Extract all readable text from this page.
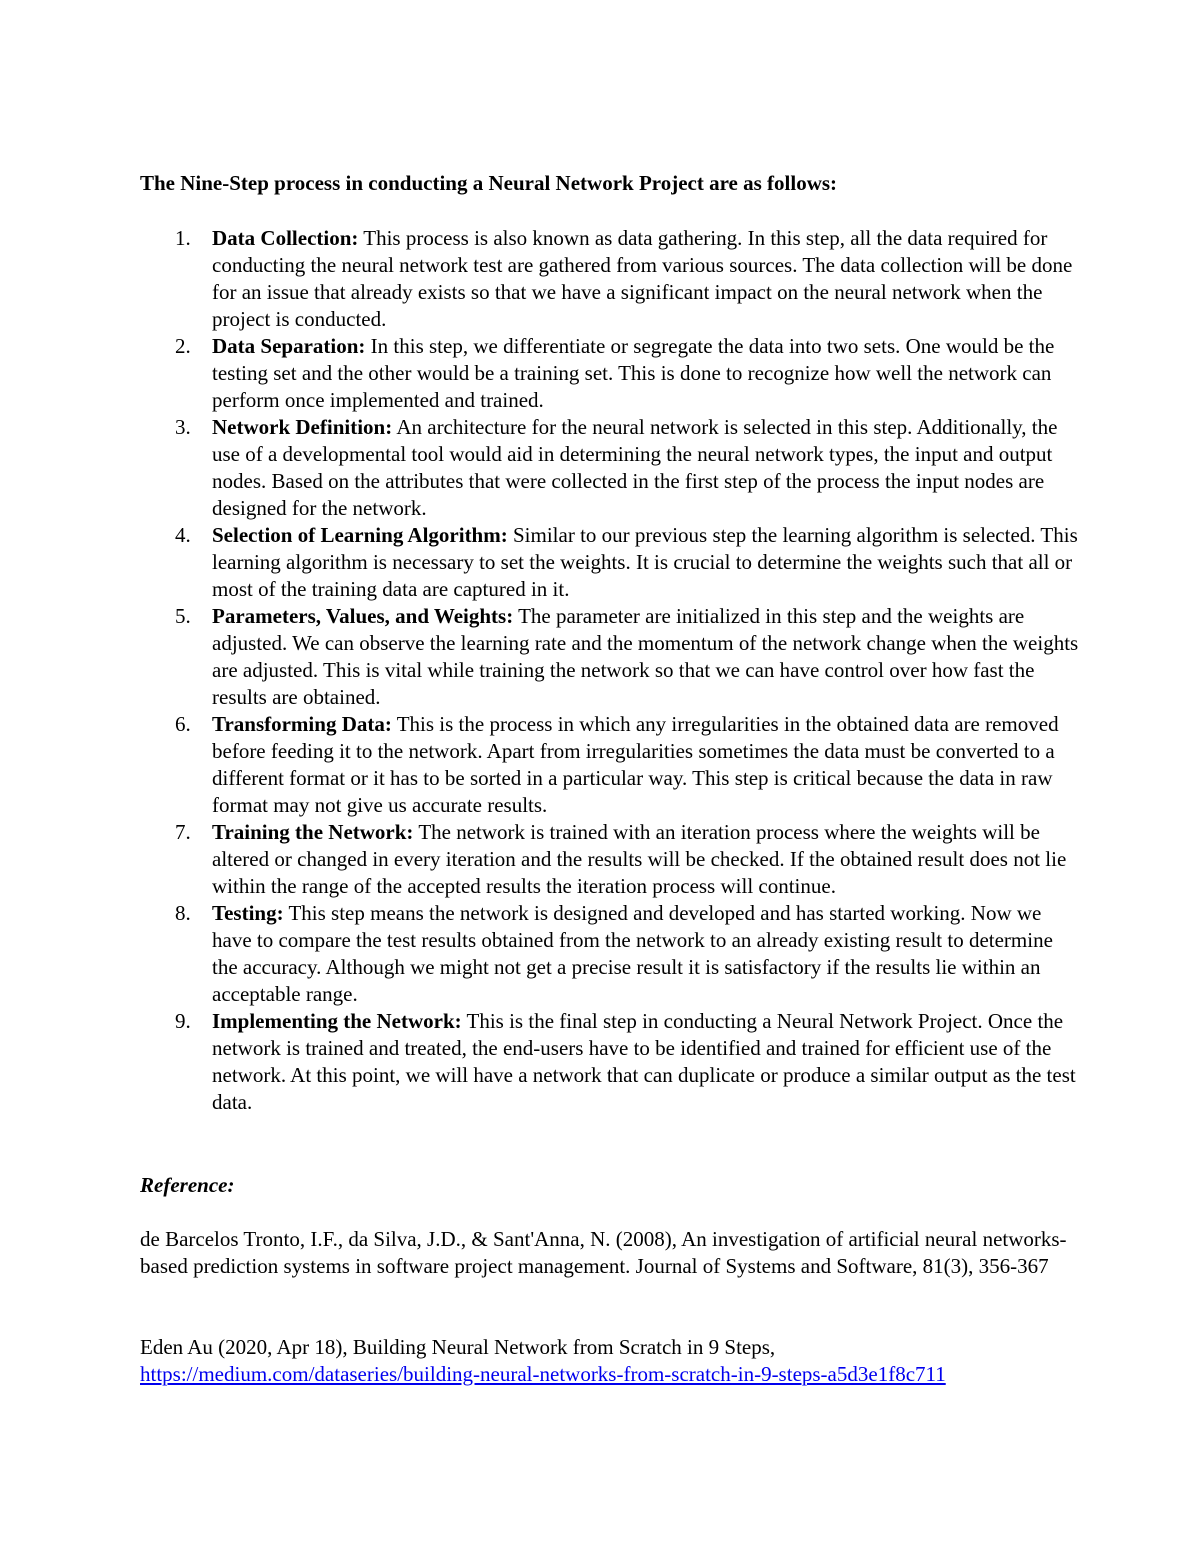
The Nine-Step process in conducting a Neural Network Project are as follows:
1. Data Collection: This process is also known as data gathering. In this step, all the data required for conducting the neural network test are gathered from various sources. The data collection will be done for an issue that already exists so that we have a significant impact on the neural network when the project is conducted.
2. Data Separation: In this step, we differentiate or segregate the data into two sets. One would be the testing set and the other would be a training set. This is done to recognize how well the network can perform once implemented and trained.
3. Network Definition: An architecture for the neural network is selected in this step. Additionally, the use of a developmental tool would aid in determining the neural network types, the input and output nodes. Based on the attributes that were collected in the first step of the process the input nodes are designed for the network.
4. Selection of Learning Algorithm: Similar to our previous step the learning algorithm is selected. This learning algorithm is necessary to set the weights. It is crucial to determine the weights such that all or most of the training data are captured in it.
5. Parameters, Values, and Weights: The parameter are initialized in this step and the weights are adjusted. We can observe the learning rate and the momentum of the network change when the weights are adjusted. This is vital while training the network so that we can have control over how fast the results are obtained.
6. Transforming Data: This is the process in which any irregularities in the obtained data are removed before feeding it to the network. Apart from irregularities sometimes the data must be converted to a different format or it has to be sorted in a particular way. This step is critical because the data in raw format may not give us accurate results.
7. Training the Network: The network is trained with an iteration process where the weights will be altered or changed in every iteration and the results will be checked. If the obtained result does not lie within the range of the accepted results the iteration process will continue.
8. Testing: This step means the network is designed and developed and has started working. Now we have to compare the test results obtained from the network to an already existing result to determine the accuracy. Although we might not get a precise result it is satisfactory if the results lie within an acceptable range.
9. Implementing the Network: This is the final step in conducting a Neural Network Project. Once the network is trained and treated, the end-users have to be identified and trained for efficient use of the network. At this point, we will have a network that can duplicate or produce a similar output as the test data.
Reference:

de Barcelos Tronto, I.F., da Silva, J.D., & Sant'Anna, N. (2008), An investigation of artificial neural networks-based prediction systems in software project management. Journal of Systems and Software, 81(3), 356-367

Eden Au (2020, Apr 18), Building Neural Network from Scratch in 9 Steps,
https://medium.com/dataseries/building-neural-networks-from-scratch-in-9-steps-a5d3e1f8c711
